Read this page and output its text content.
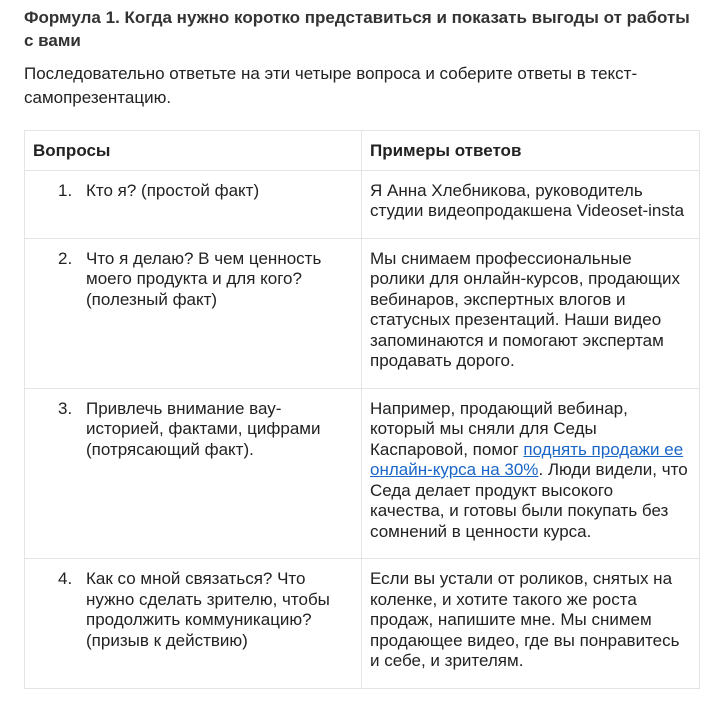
Формула 1. Когда нужно коротко представиться и показать выгоды от работы с вами
Последовательно ответьте на эти четыре вопроса и соберите ответы в текст-самопрезентацию.
Вопросы	Примеры ответов

1. Кто я? (простой факт)	Я Анна Хлебникова, руководитель студии видеопродакшена Videoset-insta

2. Что я делаю? В чем ценность моего продукта и для кого? (полезный факт)	Мы снимаем профессиональные ролики для онлайн-курсов, продающих вебинаров, экспертных влогов и статусных презентаций. Наши видео запоминаются и помогают экспертам продавать дорого.

3. Привлечь внимание вау-историей, фактами, цифрами (потрясающий факт).	Например, продающий вебинар, который мы сняли для Седы Каспаровой, помог поднять продажи ее онлайн-курса на 30%. Люди видели, что Седа делает продукт высокого качества, и готовы были покупать без сомнений в ценности курса.

4. Как со мной связаться? Что нужно сделать зрителю, чтобы продолжить коммуникацию? (призыв к действию)	Если вы устали от роликов, снятых на коленке, и хотите такого же роста продаж, напишите мне. Мы снимем продающее видео, где вы понравитесь и себе, и зрителям.
